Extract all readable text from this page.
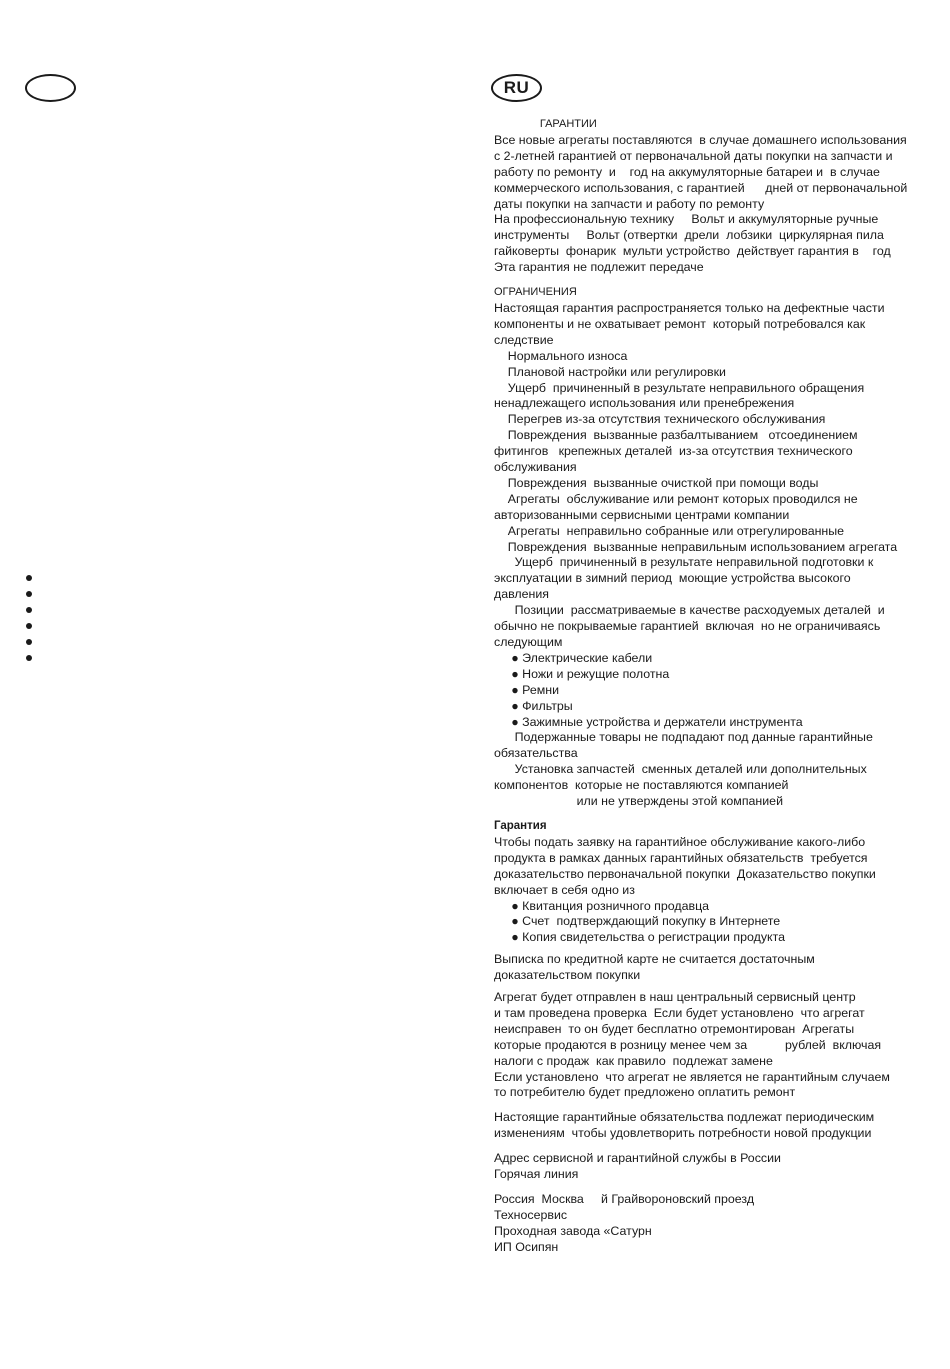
RU
ГАРАНТИИ
Все новые агрегаты поставляются  в случае домашнего использования
с 2-летней гарантией от первоначальной даты покупки на запчасти и
работу по ремонту  и    год на аккумуляторные батареи и  в случае
коммерческого использования, с гарантией      дней от первоначальной
даты покупки на запчасти и работу по ремонту
На профессиональную технику     Вольт и аккумуляторные ручные
инструменты     Вольт (отвертки  дрели  лобзики  циркулярная пила
гайковерты  фонарик  мульти устройство  действует гарантия в    год
Эта гарантия не подлежит передаче
ОГРАНИЧЕНИЯ
Настоящая гарантия распространяется только на дефектные части
компоненты и не охватывает ремонт  который потребовался как
следствие
Нормального износа
Плановой настройки или регулировки
Ущерб  причиненный в результате неправильного обращения
ненадлежащего использования или пренебрежения
Перегрев из-за отсутствия технического обслуживания
Повреждения  вызванные разбалтыванием   отсоединением
фитингов   крепежных деталей  из-за отсутствия технического
обслуживания
Повреждения  вызванные очисткой при помощи воды
Агрегаты  обслуживание или ремонт которых проводился не
авторизованными сервисными центрами компании
Агрегаты  неправильно собранные или отрегулированные
Повреждения  вызванные неправильным использованием агрегата
Ущерб  причиненный в результате неправильной подготовки к
эксплуатации в зимний период  моющие устройства высокого
давления
Позиции  рассматриваемые в качестве расходуемых деталей  и
обычно не покрываемые гарантией  включая  но не ограничиваясь
следующим
● Электрические кабели
● Ножи и режущие полотна
● Ремни
● Фильтры
● Зажимные устройства и держатели инструмента
Подержанные товары не подпадают под данные гарантийные
обязательства
Установка запчастей  сменных деталей или дополнительных
компонентов  которые не поставляются компанией
или не утверждены этой компанией
Гарантия
Чтобы подать заявку на гарантийное обслуживание какого-либо
продукта в рамках данных гарантийных обязательств  требуется
доказательство первоначальной покупки  Доказательство покупки
включает в себя одно из
● Квитанция розничного продавца
● Счет  подтверждающий покупку в Интернете
● Копия свидетельства о регистрации продукта
Выписка по кредитной карте не считается достаточным
доказательством покупки
Агрегат будет отправлен в наш центральный сервисный центр
и там проведена проверка  Если будет установлено  что агрегат
неисправен  то он будет бесплатно отремонтирован  Агрегаты
которые продаются в розницу менее чем за           рублей  включая
налоги с продаж  как правило  подлежат замене
Если установлено  что агрегат не является не гарантийным случаем
то потребителю будет предложено оплатить ремонт
Настоящие гарантийные обязательства подлежат периодическим
изменениям  чтобы удовлетворить потребности новой продукции
Адрес сервисной и гарантийной службы в России
Горячая линия
Россия  Москва     й Грайвороновский проезд
Техносервис
Проходная завода «Сатурн
ИП Осипян
